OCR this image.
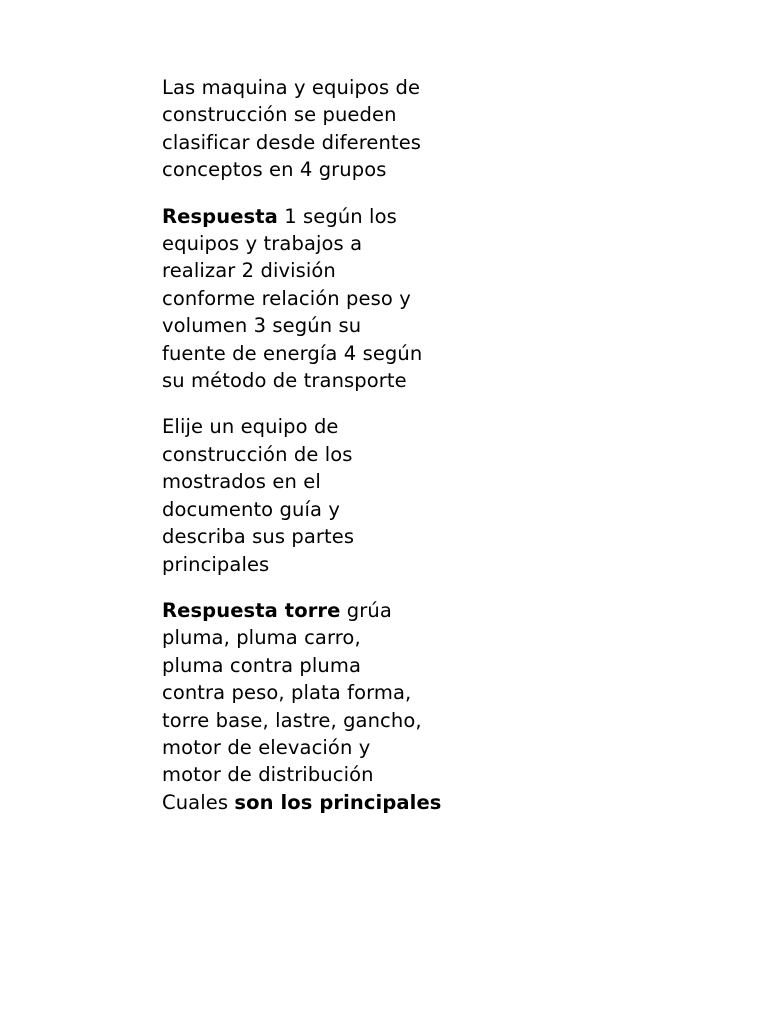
Las maquina y equipos de
construcción se pueden
clasificar desde diferentes
conceptos en 4 grupos

Respuesta 1 según los
equipos y trabajos a
realizar 2 división
conforme relación peso y
volumen 3 según su
fuente de energía 4 según
su método de transporte

Elije un equipo de
construcción de los
mostrados en el
documento guía y
describa sus partes
principales

Respuesta torre grúa
pluma, pluma carro,
pluma contra pluma
contra peso, plata forma,
torre base, lastre, gancho,
motor de elevación y
motor de distribución
Cuales son los principales
